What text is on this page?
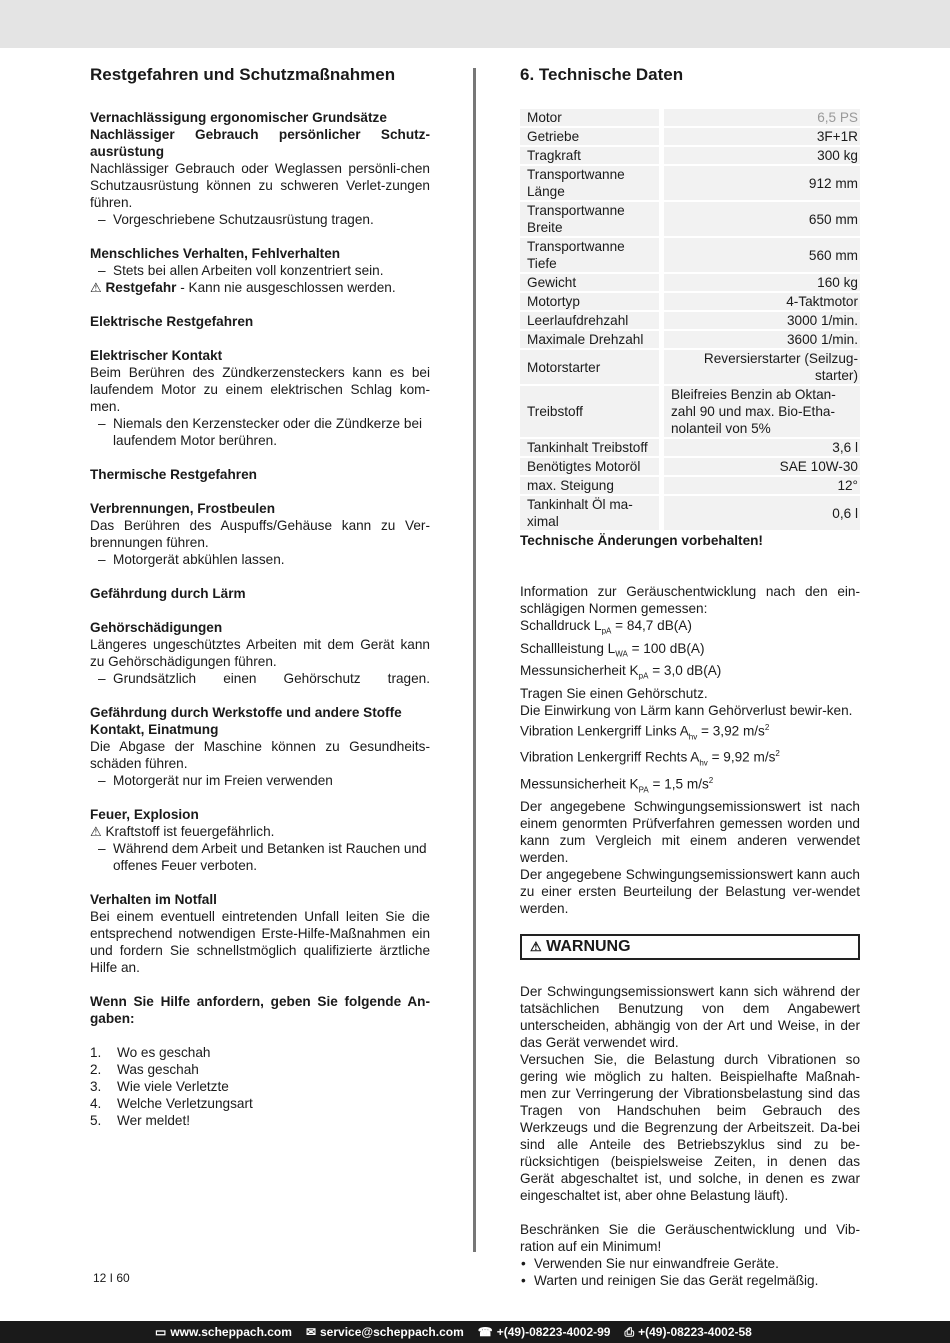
Restgefahren und Schutzmaßnahmen
Vernachlässigung ergonomischer Grundsätze

Nachlässiger Gebrauch persönlicher Schutz-ausrüstung

Nachlässiger Gebrauch oder Weglassen persönli-chen Schutzausrüstung können zu schweren Verlet-zungen führen.

– Vorgeschriebene Schutzausrüstung tragen.
Menschliches Verhalten, Fehlverhalten
– Stets bei allen Arbeiten voll konzentriert sein.
⚠ Restgefahr - Kann nie ausgeschlossen werden.
Elektrische Restgefahren
Elektrischer Kontakt

Beim Berühren des Zündkerzensteckers kann es bei laufendem Motor zu einem elektrischen Schlag kom-men.

– Niemals den Kerzenstecker oder die Zündkerze bei laufendem Motor berühren.
Thermische Restgefahren
Verbrennungen, Frostbeulen

Das Berühren des Auspuffs/Gehäuse kann zu Ver-brennungen führen.

– Motorgerät abkühlen lassen.
Gefährdung durch Lärm
Gehörschädigungen

Längeres ungeschütztes Arbeiten mit dem Gerät kann zu Gehörschädigungen führen.

– Grundsätzlich einen Gehörschutz tragen.
Gefährdung durch Werkstoffe und andere Stoffe Kontakt, Einatmung

Die Abgase der Maschine können zu Gesundheits-schäden führen.

– Motorgerät nur im Freien verwenden
Feuer, Explosion
⚠ Kraftstoff ist feuergefährlich.
– Während dem Arbeit und Betanken ist Rauchen und offenes Feuer verboten.
Verhalten im Notfall

Bei einem eventuell eintretenden Unfall leiten Sie die entsprechend notwendigen Erste-Hilfe-Maßnahmen ein und fordern Sie schnellstmöglich qualifizierte ärztliche Hilfe an.

Wenn Sie Hilfe anfordern, geben Sie folgende An-gaben:

1. Wo es geschah
2. Was geschah
3. Wie viele Verletzte
4. Welche Verletzungsart
5. Wer meldet!
6. Technische Daten
Motor	6,5 PS
Getriebe	3F+1R
Tragkraft	300 kg
Transportwanne Länge	912 mm
Transportwanne Breite	650 mm
Transportwanne Tiefe	560 mm
Gewicht	160 kg
Motortyp	4-Taktmotor
Leerlaufdrehzahl	3000 1/min.
Maximale Drehzahl	3600 1/min.
Motorstarter	Reversierstarter (Seilzug-starter)
Treibstoff	Bleifreies Benzin ab Oktan-zahl 90 und max. Bio-Etha-nolanteil von 5%
Tankinhalt Treibstoff	3,6 l
Benötigtes Motoröl	SAE 10W-30
max. Steigung	12°
Tankinhalt Öl ma-ximal	0,6 l
Technische Änderungen vorbehalten!

Information zur Geräuschentwicklung nach den ein-schlägigen Normen gemessen:

Schalldruck $L_{pA} = 84,7$ dB(A)
Schallleistung $L_{WA} = 100$ dB(A)
Messunsicherheit $K_{pA} = 3,0$ dB(A)
Tragen Sie einen Gehörschutz.

Die Einwirkung von Lärm kann Gehörverlust bewir-ken.

Vibration Lenkergriff Links $A_{hv} = 3,92$ $m/s^2$
Vibration Lenkergriff Rechts $A_{hv} = 9,92$ $m/s^2$
Messunsicherheit $K_{PA} = 1,5$ $m/s^2$

Der angegebene Schwingungsemissionswert ist nach einem genormten Prüfverfahren gemessen worden und kann zum Vergleich mit einem anderen verwendet werden.

Der angegebene Schwingungsemissionswert kann auch zu einer ersten Beurteilung der Belastung ver-wendet werden.

⚠ WARNUNG

Der Schwingungsemissionswert kann sich während der tatsächlichen Benutzung von dem Angabewert unterscheiden, abhängig von der Art und Weise, in der das Gerät verwendet wird.

Versuchen Sie, die Belastung durch Vibrationen so gering wie möglich zu halten. Beispielhafte Maßnah-men zur Verringerung der Vibrationsbelastung sind das Tragen von Handschuhen beim Gebrauch des Werkzeugs und die Begrenzung der Arbeitszeit. Da-bei sind alle Anteile des Betriebszyklus sind zu be-rücksichtigen (beispielsweise Zeiten, in denen das Gerät abgeschaltet ist, und solche, in denen es zwar eingeschaltet ist, aber ohne Belastung läuft).

Beschränken Sie die Geräuschentwicklung und Vib-ration auf ein Minimum!

• Verwenden Sie nur einwandfreie Geräte.
• Warten und reinigen Sie das Gerät regelmäßig.
12 I 60
▭ www.scheppach.com ✉ service@scheppach.com ☎ +(49)-08223-4002-99 ⎙ +(49)-08223-4002-58
